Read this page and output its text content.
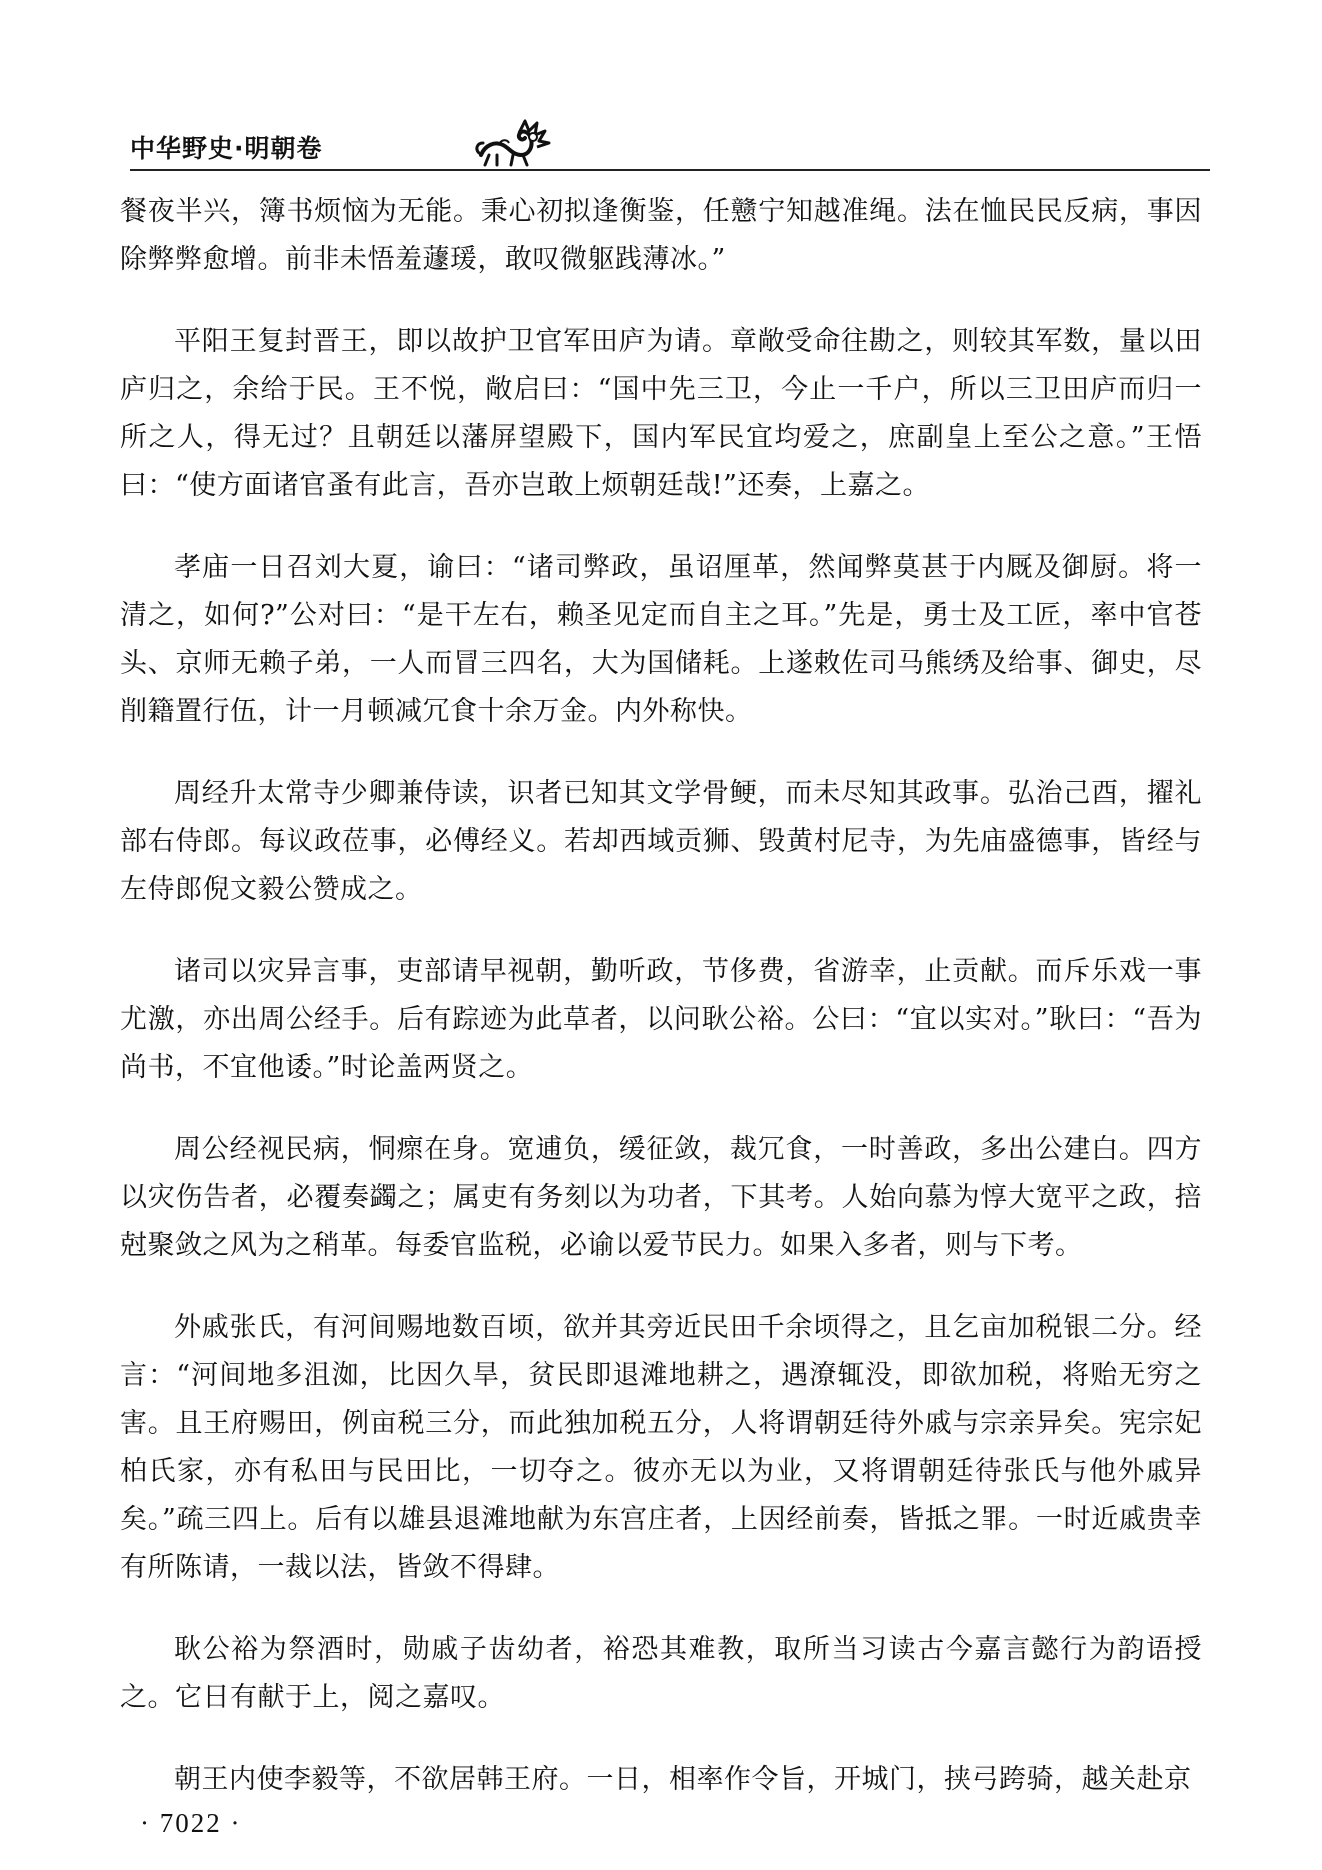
中华野史·明朝卷

餐夜半兴，簿书烦恼为无能。秉心初拟逢衡鉴，任戆宁知越准绳。法在恤民民反病，事因除弊弊愈增。前非未悟羞蘧瑗，敢叹微躯践薄冰。”

平阳王复封晋王，即以故护卫官军田庐为请。章敞受命往勘之，则较其军数，量以田庐归之，余给于民。王不悦，敞启曰：“国中先三卫，今止一千户，所以三卫田庐而归一所之人，得无过？且朝廷以藩屏望殿下，国内军民宜均爱之，庶副皇上至公之意。”王悟曰：“使方面诸官蚤有此言，吾亦岂敢上烦朝廷哉!”还奏，上嘉之。

孝庙一日召刘大夏，谕曰：“诸司弊政，虽诏厘革，然闻弊莫甚于内厩及御厨。将一清之，如何?”公对曰：“是干左右，赖圣见定而自主之耳。”先是，勇士及工匠，率中官苍头、京师无赖子弟，一人而冒三四名，大为国储耗。上遂敕佐司马熊绣及给事、御史，尽削籍置行伍，计一月顿减冗食十余万金。内外称快。

周经升太常寺少卿兼侍读，识者已知其文学骨鲠，而未尽知其政事。弘治己酉，擢礼部右侍郎。每议政莅事，必傅经义。若却西域贡狮、毁黄村尼寺，为先庙盛德事，皆经与左侍郎倪文毅公赞成之。

诸司以灾异言事，吏部请早视朝，勤听政，节侈费，省游幸，止贡献。而斥乐戏一事尤激，亦出周公经手。后有踪迹为此草者，以问耿公裕。公曰：“宜以实对。”耿曰：“吾为尚书，不宜他诿。”时论盖两贤之。

周公经视民病，恫瘝在身。宽逋负，缓征敛，裁冗食，一时善政，多出公建白。四方以灾伤告者，必覆奏蠲之；属吏有务刻以为功者，下其考。人始向慕为惇大宽平之政，掊尅聚敛之风为之稍革。每委官监税，必谕以爱节民力。如果入多者，则与下考。

外戚张氏，有河间赐地数百顷，欲并其旁近民田千余顷得之，且乞亩加税银二分。经言：“河间地多沮洳，比因久旱，贫民即退滩地耕之，遇潦辄没，即欲加税，将贻无穷之害。且王府赐田，例亩税三分，而此独加税五分，人将谓朝廷待外戚与宗亲异矣。宪宗妃柏氏家，亦有私田与民田比，一切夺之。彼亦无以为业，又将谓朝廷待张氏与他外戚异矣。”疏三四上。后有以雄县退滩地献为东宫庄者，上因经前奏，皆抵之罪。一时近戚贵幸有所陈请，一裁以法，皆敛不得肆。

耿公裕为祭酒时，勋戚子齿幼者，裕恐其难教，取所当习读古今嘉言懿行为韵语授之。它日有献于上，阅之嘉叹。

朝王内使李毅等，不欲居韩王府。一日，相率作令旨，开城门，挟弓跨骑，越关赴京

· 7022 ·
